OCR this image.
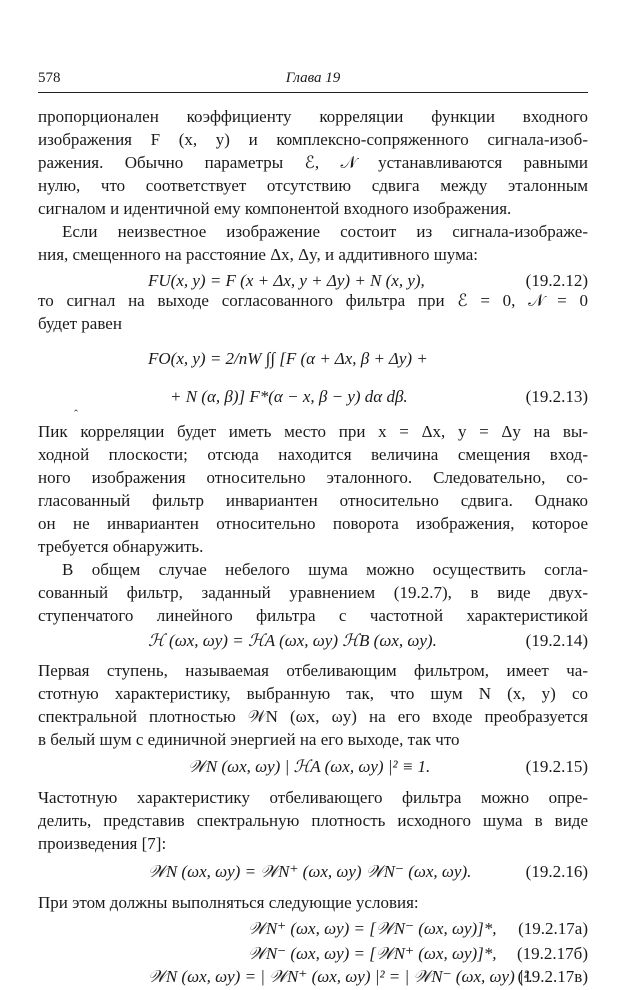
578	Глава 19
пропорционален коэффициенту корреляции функции входного
изображения F (x, y) и комплексно-сопряженного сигнала-изоб-
ражения. Обычно параметры ℰ, 𝒩 устанавливаются равными
нулю, что соответствует отсутствию сдвига между эталонным
сигналом и идентичной ему компонентой входного изображения.
Если неизвестное изображение состоит из сигнала-изображе-
ния, смещенного на расстояние Δx, Δy, и аддитивного шума:
FU(x, y) = F (x + Δx, y + Δy) + N (x, y),	(19.2.12)
то сигнал на выходе согласованного фильтра при ℰ = 0, 𝒩 = 0
будет равен
FO(x, y) = 2/nW ∫∫ [F (α + Δx, β + Δy) +
+ N (α, β)] F*(α − x, β − y) dα dβ.	(19.2.13)
ˆ
Пик корреляции будет иметь место при x = Δx, y = Δy на вы-
ходной плоскости; отсюда находится величина смещения вход-
ного изображения относительно эталонного. Следовательно, со-
гласованный фильтр инвариантен относительно сдвига. Однако
он не инвариантен относительно поворота изображения, которое
требуется обнаружить.
В общем случае небелого шума можно осуществить согла-
сованный фильтр, заданный уравнением (19.2.7), в виде двух-
ступенчатого линейного фильтра с частотной характеристикой
ℋ (ωx, ωy) = ℋA (ωx, ωy) ℋB (ωx, ωy).	(19.2.14)
Первая ступень, называемая отбеливающим фильтром, имеет ча-
стотную характеристику, выбранную так, что шум N (x, y) со
спектральной плотностью 𝒲N (ωx, ωy) на его входе преобразуется
в белый шум с единичной энергией на его выходе, так что
𝒲N (ωx, ωy) | ℋA (ωx, ωy) |² ≡ 1.	(19.2.15)
Частотную характеристику отбеливающего фильтра можно опре-
делить, представив спектральную плотность исходного шума в виде
произведения [7]:
𝒲N (ωx, ωy) = 𝒲N⁺ (ωx, ωy) 𝒲N⁻ (ωx, ωy).	(19.2.16)
При этом должны выполняться следующие условия:
𝒲N⁺ (ωx, ωy) = [𝒲N⁻ (ωx, ωy)]*, (19.2.17а)
𝒲N⁻ (ωx, ωy) = [𝒲N⁺ (ωx, ωy)]*, (19.2.17б)
𝒲N (ωx, ωy) = | 𝒲N⁺ (ωx, ωy) |² = | 𝒲N⁻ (ωx, ωy) |².
(19.2.17в)
